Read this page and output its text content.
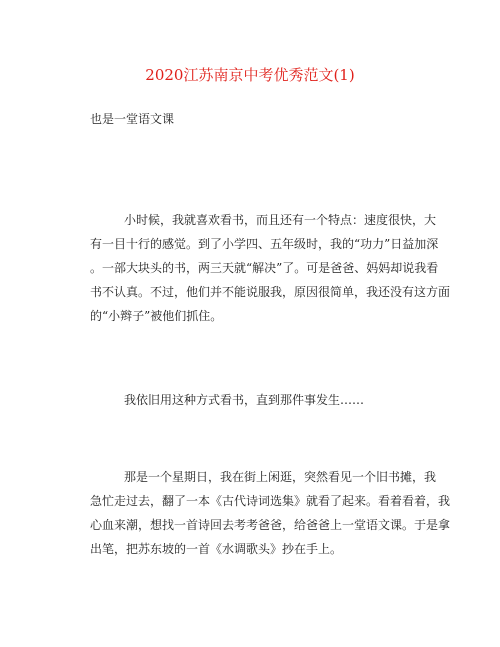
2020江苏南京中考优秀范文(1)
也是一堂语文课
小时候，我就喜欢看书，而且还有一个特点：速度很快，大
有一目十行的感觉。到了小学四、五年级时，我的“功力”日益加深
。一部大块头的书，两三天就“解决”了。可是爸爸、妈妈却说我看
书不认真。不过，他们并不能说服我，原因很简单，我还没有这方面
的“小辫子”被他们抓住。
我依旧用这种方式看书，直到那件事发生……
那是一个星期日，我在街上闲逛，突然看见一个旧书摊，我
急忙走过去，翻了一本《古代诗词选集》就看了起来。看着看着，我
心血来潮，想找一首诗回去考考爸爸，给爸爸上一堂语文课。于是拿
出笔，把苏东坡的一首《水调歌头》抄在手上。
